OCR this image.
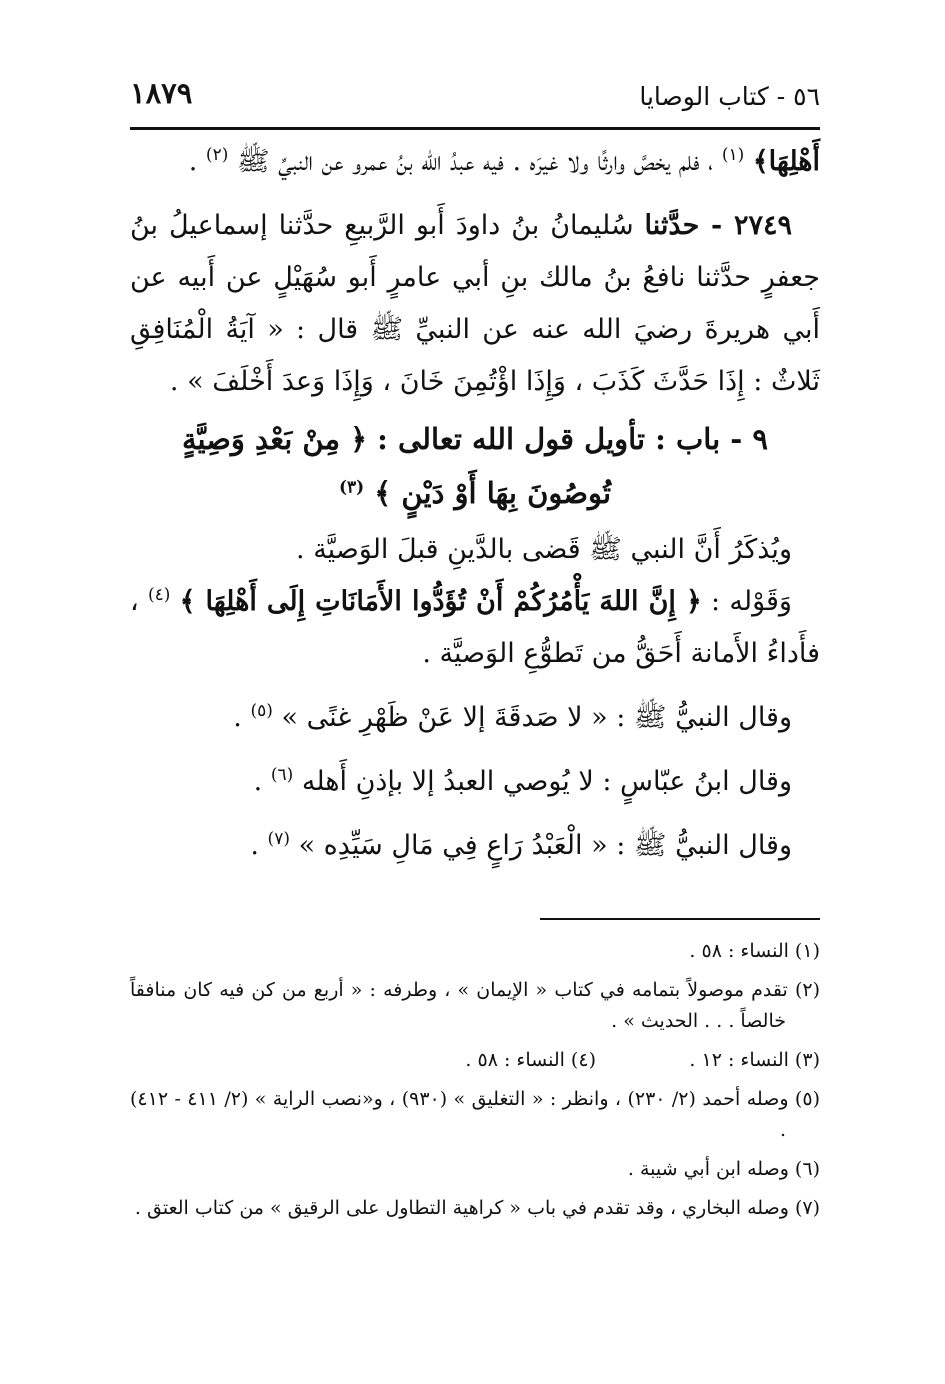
٥٦ - كتاب الوصايا
١٨٧٩

أَهْلِهَا﴾ $^{(١)}$ ، فلم يخصَّ وارثًا ولا غيرَه . فيه عبدُ الله بنُ عمرو عن النبيِّ ﷺ $^{(٢)}$ .

٢٧٤٩ - حدَّثنا سُليمانُ بنُ داودَ أَبو الرَّبيعِ حدَّثنا إسماعيلُ بنُ جعفرٍ حدَّثنا نافعُ بنُ مالك بنِ أبي عامرٍ أَبو سُهَيْلٍ عن أَبيه عن أَبي هريرةَ رضيَ الله عنه عن النبيِّ ﷺ قال : « آيَةُ الْمُنَافِقِ ثَلاثٌ : إِذَا حَدَّثَ كَذَبَ ، وَإِذَا اؤْتُمِنَ خَانَ ، وَإِذَا وَعدَ أَخْلَفَ » .

٩ - باب : تأويل قول الله تعالى : ﴿ مِنْ بَعْدِ وَصِيَّةٍ
تُوصُونَ بِهَا أَوْ دَيْنٍ ﴾ $^{(٣)}$

ويُذكَرُ أَنَّ النبي ﷺ قَضى بالدَّينِ قبلَ الوَصيَّة .

وَقَوْله : ﴿ إِنَّ اللهَ يَأْمُرُكُمْ أَنْ تُؤَدُّوا الأَمَانَاتِ إِلَى أَهْلِهَا ﴾ $^{(٤)}$ ، فأَداءُ الأَمانة أَحَقُّ من تَطوُّعِ الوَصيَّة .

وقال النبيُّ ﷺ : « لا صَدقَةَ إلا عَنْ ظَهْرِ غنًى » $^{(٥)}$ .

وقال ابنُ عبّاسٍ : لا يُوصي العبدُ إلا بإذنِ أَهله $^{(٦)}$ .

وقال النبيُّ ﷺ : « الْعَبْدُ رَاعٍ فِي مَالِ سَيِّدِه » $^{(٧)}$ .

(١) النساء : ٥٨ .

(٢) تقدم موصولاً بتمامه في كتاب « الإيمان » ، وطرفه : « أربع من كن فيه كان منافقاً خالصاً . . . الحديث » .

(٣) النساء : ١٢ .

(٤) النساء : ٥٨ .

(٥) وصله أحمد (٢/ ٢٣٠) ، وانظر : « التغليق » (٩٣٠) ، و«نصب الراية » (٢/ ٤١١ - ٤١٢) .

(٦) وصله ابن أبي شيبة .

(٧) وصله البخاري ، وقد تقدم في باب « كراهية التطاول على الرقيق » من كتاب العتق .
